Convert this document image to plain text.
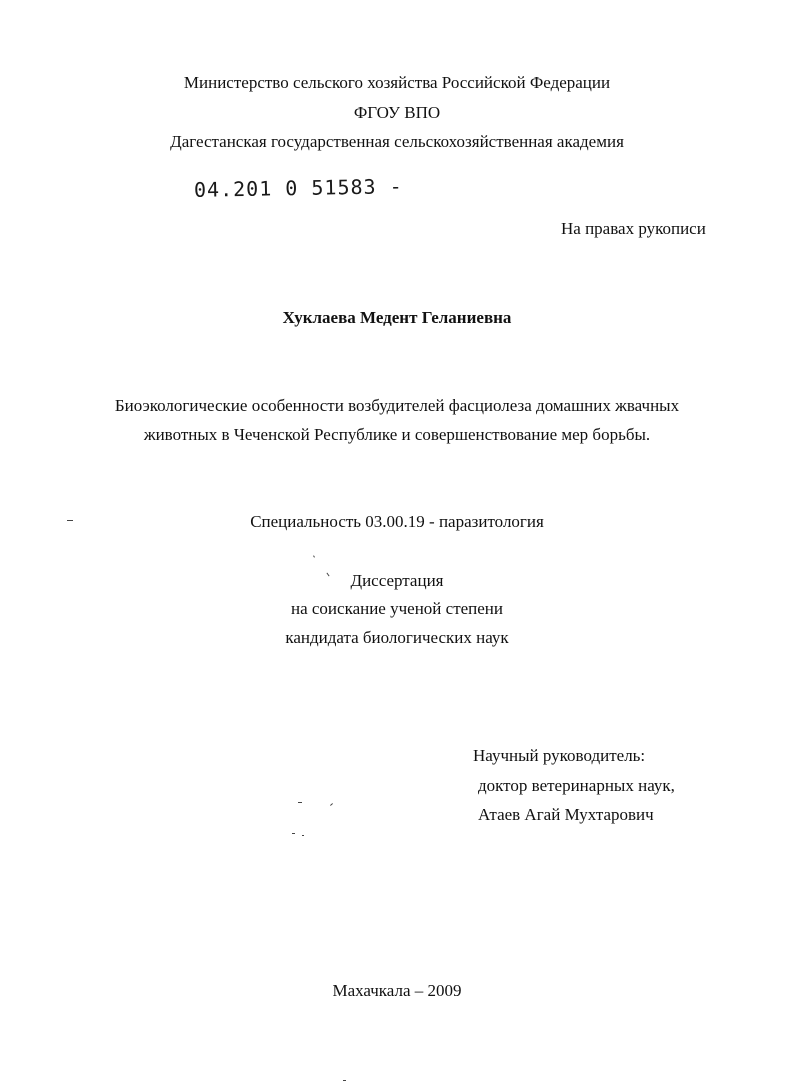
Министерство сельского хозяйства Российской Федерации
ФГОУ ВПО
Дагестанская государственная сельскохозяйственная академия
04.201 0 51583 -
На правах рукописи
Хуклаева Медент Геланиевна
Биоэкологические особенности возбудителей фасциолеза домашних жвачных
животных в Чеченской Республике и совершенствование мер борьбы.
Специальность 03.00.19 - паразитология
Диссертация
на соискание ученой степени
кандидата биологических наук
Научный руководитель:
доктор ветеринарных наук,
Атаев Агай Мухтарович
Махачкала – 2009
